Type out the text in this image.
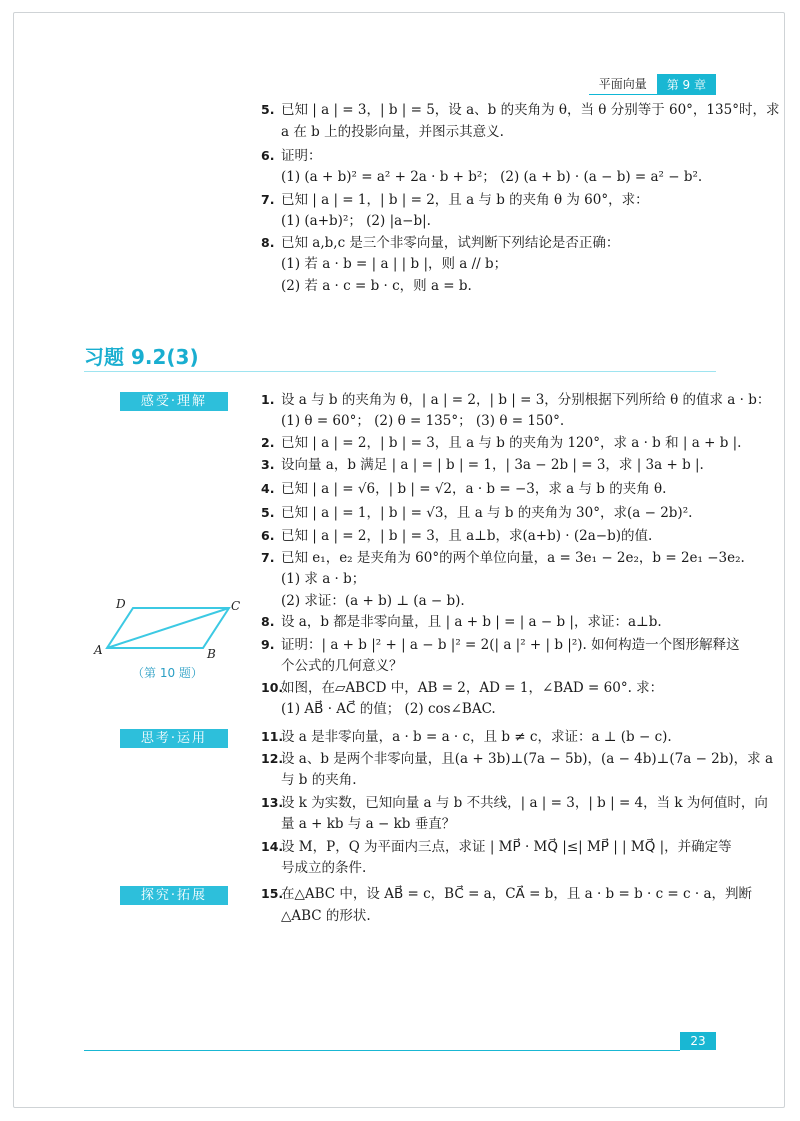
平面向量	第 9 章
5. 已知 | a | = 3，| b | = 5，设 a、b 的夹角为 θ，当 θ 分别等于 60°，135°时，求
a 在 b 上的投影向量，并图示其意义.
6. 证明：
(1) (a + b)² = a² + 2a · b + b²； (2) (a + b) · (a − b) = a² − b².
7. 已知 | a | = 1，| b | = 2，且 a 与 b 的夹角 θ 为 60°，求：
(1) (a+b)²； (2) |a−b|.
8. 已知 a,b,c 是三个非零向量，试判断下列结论是否正确：
(1) 若 a · b = | a | | b |，则 a // b；
(2) 若 a · c = b · c，则 a = b.
习题 9.2(3)
感受·理解
思考·运用
探究·拓展
1. 设 a 与 b 的夹角为 θ，| a | = 2，| b | = 3，分别根据下列所给 θ 的值求 a · b：
(1) θ = 60°； (2) θ = 135°； (3) θ = 150°.
2. 已知 | a | = 2，| b | = 3，且 a 与 b 的夹角为 120°，求 a · b 和 | a + b |.
3. 设向量 a，b 满足 | a | = | b | = 1，| 3a − 2b | = 3，求 | 3a + b |.
4. 已知 | a | = √6，| b | = √2，a · b = −3，求 a 与 b 的夹角 θ.
5. 已知 | a | = 1，| b | = √3，且 a 与 b 的夹角为 30°，求(a − 2b)².
6. 已知 | a | = 2，| b | = 3，且 a⊥b，求(a+b) · (2a−b)的值.
7. 已知 e₁，e₂ 是夹角为 60°的两个单位向量，a = 3e₁ − 2e₂，b = 2e₁ −3e₂.
(1) 求 a · b；
(2) 求证：(a + b) ⊥ (a − b).
8. 设 a，b 都是非零向量，且 | a + b | = | a − b |，求证：a⊥b.
9. 证明：| a + b |² + | a − b |² = 2(| a |² + | b |²). 如何构造一个图形解释这
个公式的几何意义？
10.如图，在▱ABCD 中，AB = 2，AD = 1，∠BAD = 60°. 求：
(1) AB⃗ · AC⃗ 的值； (2) cos∠BAC.
11.设 a 是非零向量，a · b = a · c，且 b ≠ c，求证：a ⊥ (b − c).
12.设 a、b 是两个非零向量，且(a + 3b)⊥(7a − 5b)，(a − 4b)⊥(7a − 2b)，求 a
与 b 的夹角.
13.设 k 为实数，已知向量 a 与 b 不共线，| a | = 3，| b | = 4，当 k 为何值时，向
量 a + kb 与 a − kb 垂直？
14.设 M，P，Q 为平面内三点，求证 | MP⃗ · MQ⃗ |≤| MP⃗ | | MQ⃗ |，并确定等
号成立的条件.
15.在△ABC 中，设 AB⃗ = c，BC⃗ = a，CA⃗ = b，且 a · b = b · c = c · a，判断
△ABC 的形状.
A	B
C
D
（第 10 题）
23
